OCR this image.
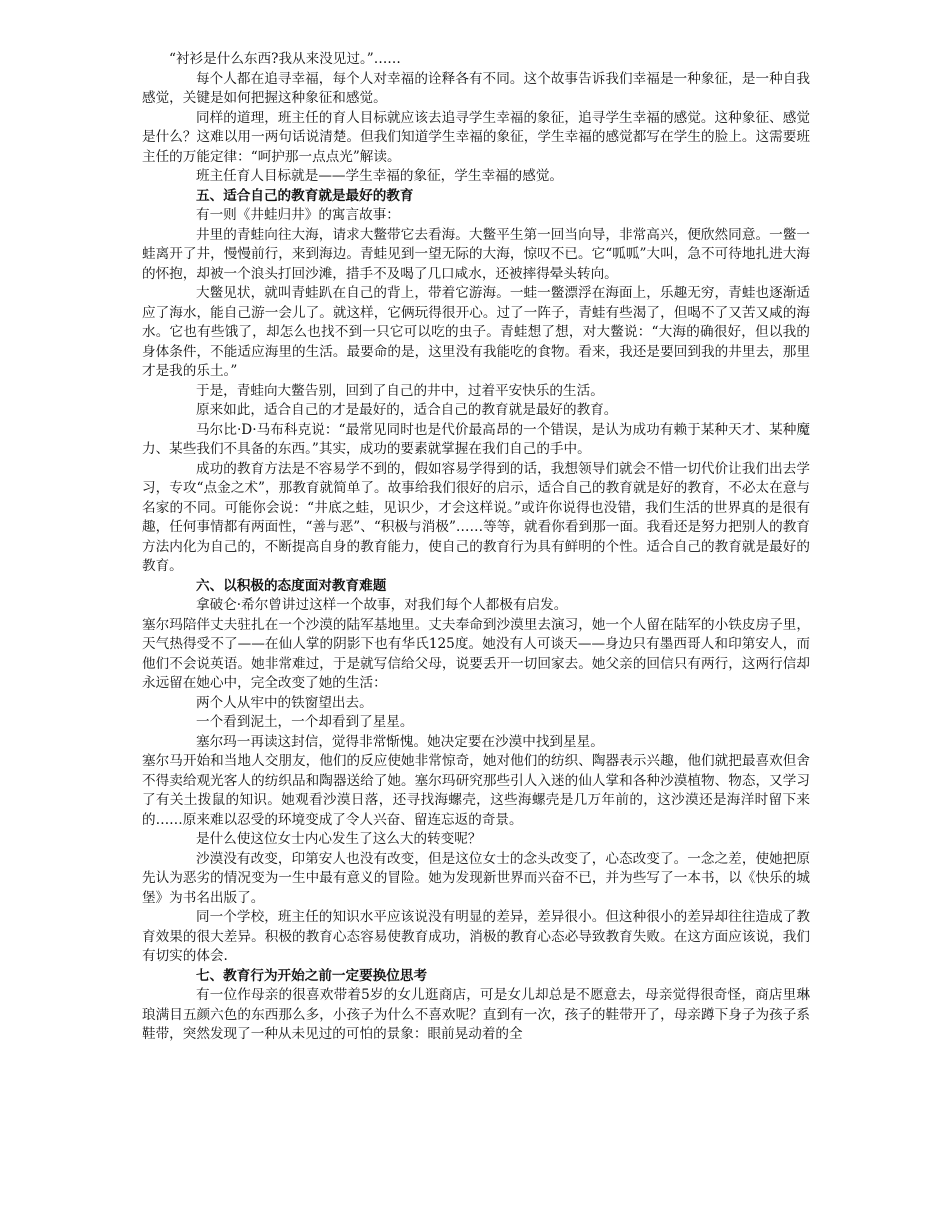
“衬衫是什么东西?我从来没见过。”……

每个人都在追寻幸福，每个人对幸福的诠释各有不同。这个故事告诉我们幸福是一种象征，是一种自我感觉，关键是如何把握这种象征和感觉。

同样的道理，班主任的育人目标就应该去追寻学生幸福的象征，追寻学生幸福的感觉。这种象征、感觉是什么？这难以用一两句话说清楚。但我们知道学生幸福的象征，学生幸福的感觉都写在学生的脸上。这需要班主任的万能定律：“呵护那一点点光”解读。

班主任育人目标就是——学生幸福的象征，学生幸福的感觉。

五、适合自己的教育就是最好的教育

有一则《井蛙归井》的寓言故事：

井里的青蛙向往大海，请求大鳖带它去看海。大鳖平生第一回当向导，非常高兴，便欣然同意。一鳖一蛙离开了井，慢慢前行，来到海边。青蛙见到一望无际的大海，惊叹不已。它“呱呱”大叫，急不可待地扎进大海的怀抱，却被一个浪头打回沙滩，措手不及喝了几口咸水，还被摔得晕头转向。

大鳖见状，就叫青蛙趴在自己的背上，带着它游海。一蛙一鳖漂浮在海面上，乐趣无穷，青蛙也逐渐适应了海水，能自己游一会儿了。就这样，它俩玩得很开心。过了一阵子，青蛙有些渴了，但喝不了又苦又咸的海水。它也有些饿了，却怎么也找不到一只它可以吃的虫子。青蛙想了想，对大鳖说：“大海的确很好，但以我的身体条件，不能适应海里的生活。最要命的是，这里没有我能吃的食物。看来，我还是要回到我的井里去，那里才是我的乐土。”

于是，青蛙向大鳖告别，回到了自己的井中，过着平安快乐的生活。

原来如此，适合自己的才是最好的，适合自己的教育就是最好的教育。

马尔比·D·马布科克说：“最常见同时也是代价最高昂的一个错误，是认为成功有赖于某种天才、某种魔力、某些我们不具备的东西。”其实，成功的要素就掌握在我们自己的手中。

成功的教育方法是不容易学不到的，假如容易学得到的话，我想领导们就会不惜一切代价让我们出去学习，专攻“点金之术”，那教育就简单了。故事给我们很好的启示，适合自己的教育就是好的教育，不必太在意与名家的不同。可能你会说：“井底之蛙，见识少，才会这样说。”或许你说得也没错，我们生活的世界真的是很有趣，任何事情都有两面性，“善与恶”、“积极与消极”……等等，就看你看到那一面。我看还是努力把别人的教育方法内化为自己的，不断提高自身的教育能力，使自己的教育行为具有鲜明的个性。适合自己的教育就是最好的教育。

六、以积极的态度面对教育难题

拿破仑·希尔曾讲过这样一个故事，对我们每个人都极有启发。

塞尔玛陪伴丈夫驻扎在一个沙漠的陆军基地里。丈夫奉命到沙漠里去演习，她一个人留在陆军的小铁皮房子里，天气热得受不了——在仙人掌的阴影下也有华氏125度。她没有人可谈天——身边只有墨西哥人和印第安人，而他们不会说英语。她非常难过，于是就写信给父母，说要丢开一切回家去。她父亲的回信只有两行，这两行信却永远留在她心中，完全改变了她的生活：

两个人从牢中的铁窗望出去。

一个看到泥土，一个却看到了星星。

塞尔玛一再读这封信，觉得非常惭愧。她决定要在沙漠中找到星星。

塞尔马开始和当地人交朋友，他们的反应使她非常惊奇，她对他们的纺织、陶器表示兴趣，他们就把最喜欢但舍不得卖给观光客人的纺织品和陶器送给了她。塞尔玛研究那些引人入迷的仙人掌和各种沙漠植物、物态，又学习了有关土拨鼠的知识。她观看沙漠日落，还寻找海螺壳，这些海螺壳是几万年前的，这沙漠还是海洋时留下来的……原来难以忍受的环境变成了令人兴奋、留连忘返的奇景。

是什么使这位女士内心发生了这么大的转变呢？

沙漠没有改变，印第安人也没有改变，但是这位女士的念头改变了，心态改变了。一念之差，使她把原先认为恶劣的情况变为一生中最有意义的冒险。她为发现新世界而兴奋不已，并为些写了一本书，以《快乐的城堡》为书名出版了。

同一个学校，班主任的知识水平应该说没有明显的差异，差异很小。但这种很小的差异却往往造成了教育效果的很大差异。积极的教育心态容易使教育成功，消极的教育心态必导致教育失败。在这方面应该说，我们有切实的体会.

七、教育行为开始之前一定要换位思考

有一位作母亲的很喜欢带着5岁的女儿逛商店，可是女儿却总是不愿意去，母亲觉得很奇怪，商店里琳琅满目五颜六色的东西那么多，小孩子为什么不喜欢呢？直到有一次，孩子的鞋带开了，母亲蹲下身子为孩子系鞋带，突然发现了一种从未见过的可怕的景象：眼前晃动着的全
